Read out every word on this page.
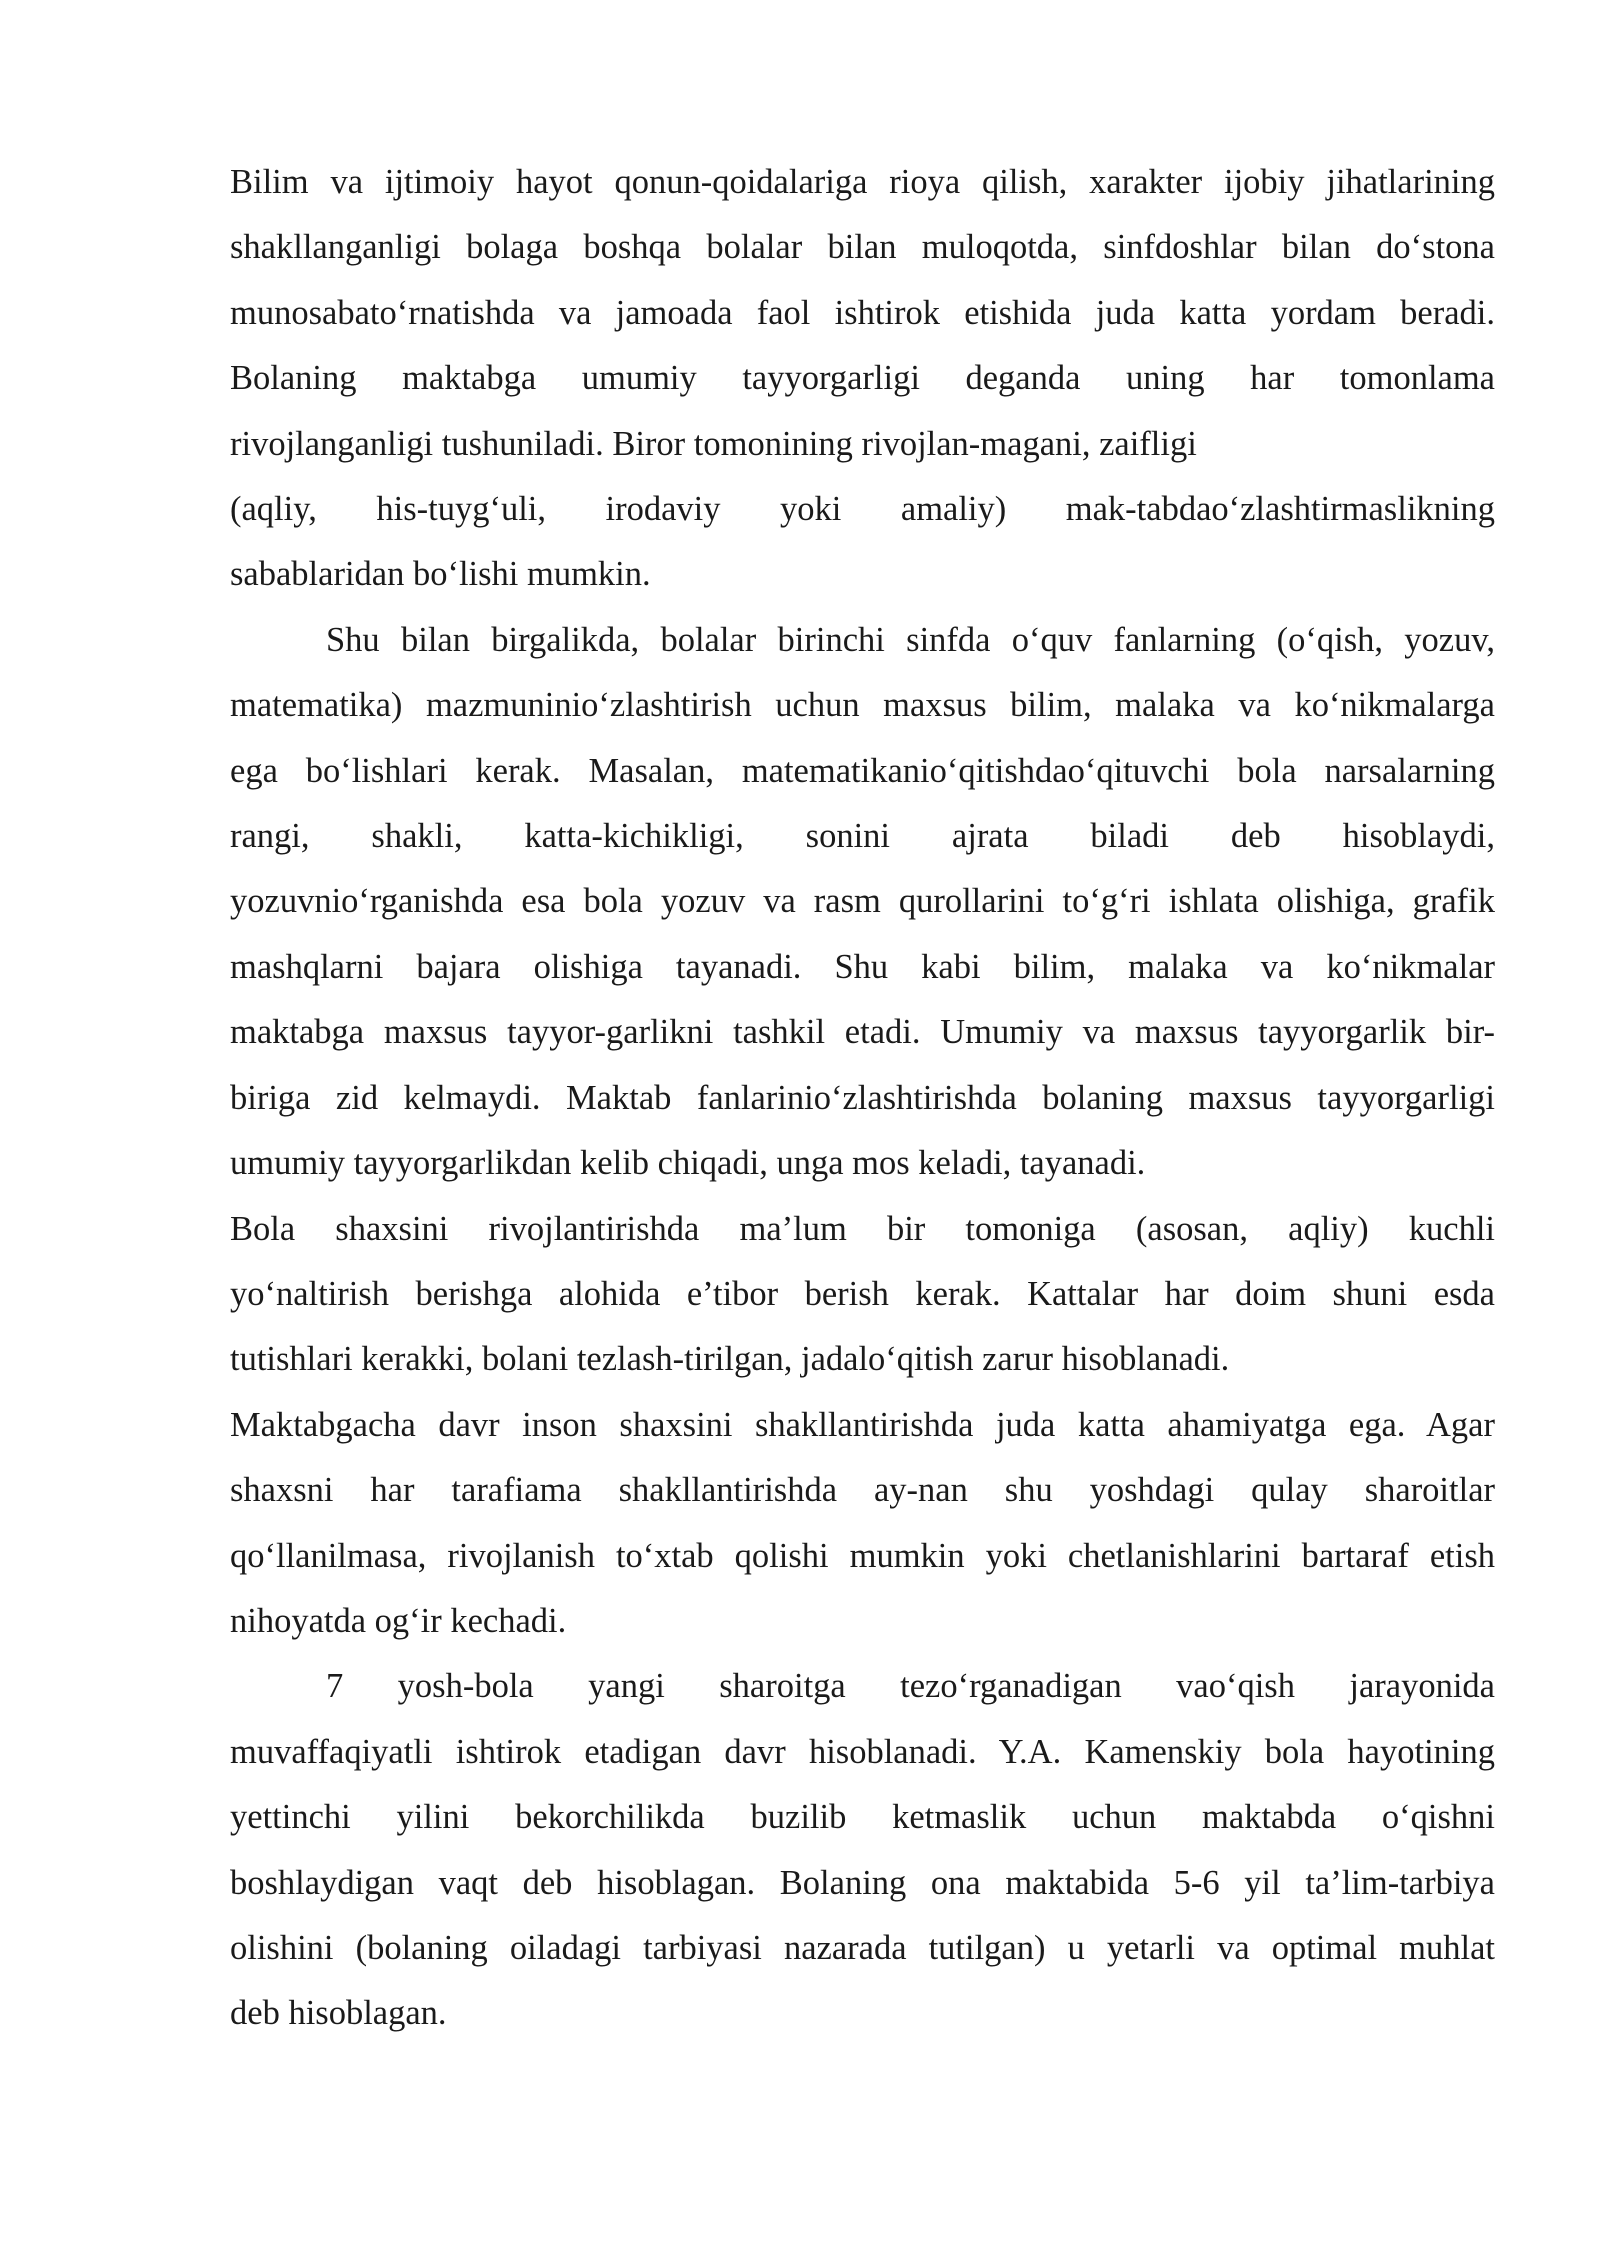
Bilim va ijtimoiy hayot qonun-qoidalariga rioya qilish, xarakter ijobiy jihatlarining
shakllanganligi bolaga boshqa bolalar bilan muloqotda, sinfdoshlar bilan do‘stona
munosabato‘rnatishda va jamoada faol ishtirok etishida juda katta yordam beradi.
Bolaning maktabga umumiy tayyorgarligi deganda uning har tomonlama
rivojlanganligi tushuniladi. Biror tomonining rivojlan-magani, zaifligi
(aqliy, his-tuyg‘uli, irodaviy yoki amaliy) mak-tabdao‘zlashtirmaslikning
sabablaridan bo‘lishi mumkin.
Shu bilan birgalikda, bolalar birinchi sinfda o‘quv fanlarning (o‘qish, yozuv,
matematika) mazmuninio‘zlashtirish uchun maxsus bilim, malaka va ko‘nikmalarga
ega bo‘lishlari kerak. Masalan, matematikanio‘qitishdao‘qituvchi bola narsalarning
rangi, shakli, katta-kichikligi, sonini ajrata biladi deb hisoblaydi,
yozuvnio‘rganishda esa bola yozuv va rasm qurollarini to‘g‘ri ishlata olishiga, grafik
mashqlarni bajara olishiga tayanadi. Shu kabi bilim, malaka va ko‘nikmalar
maktabga maxsus tayyor-garlikni tashkil etadi. Umumiy va maxsus tayyorgarlik bir-
biriga zid kelmaydi. Maktab fanlarinio‘zlashtirishda bolaning maxsus tayyorgarligi
umumiy tayyorgarlikdan kelib chiqadi, unga mos keladi, tayanadi.
Bola shaxsini rivojlantirishda ma’lum bir tomoniga (asosan, aqliy) kuchli
yo‘naltirish berishga alohida e’tibor berish kerak. Kattalar har doim shuni esda
tutishlari kerakki, bolani tezlash-tirilgan, jadalo‘qitish zarur hisoblanadi.
Maktabgacha davr inson shaxsini shakllantirishda juda katta ahamiyatga ega. Agar
shaxsni har tarafiama shakllantirishda ay-nan shu yoshdagi qulay sharoitlar
qo‘llanilmasa, rivojlanish to‘xtab qolishi mumkin yoki chetlanishlarini bartaraf etish
nihoyatda og‘ir kechadi.
7 yosh-bola yangi sharoitga tezo‘rganadigan vao‘qish jarayonida
muvaffaqiyatli ishtirok etadigan davr hisoblanadi. Y.A. Kamenskiy bola hayotining
yettinchi yilini bekorchilikda buzilib ketmaslik uchun maktabda o‘qishni
boshlaydigan vaqt deb hisoblagan. Bolaning ona maktabida 5-6 yil ta’lim-tarbiya
olishini (bolaning oiladagi tarbiyasi nazarada tutilgan) u yetarli va optimal muhlat
deb hisoblagan.
